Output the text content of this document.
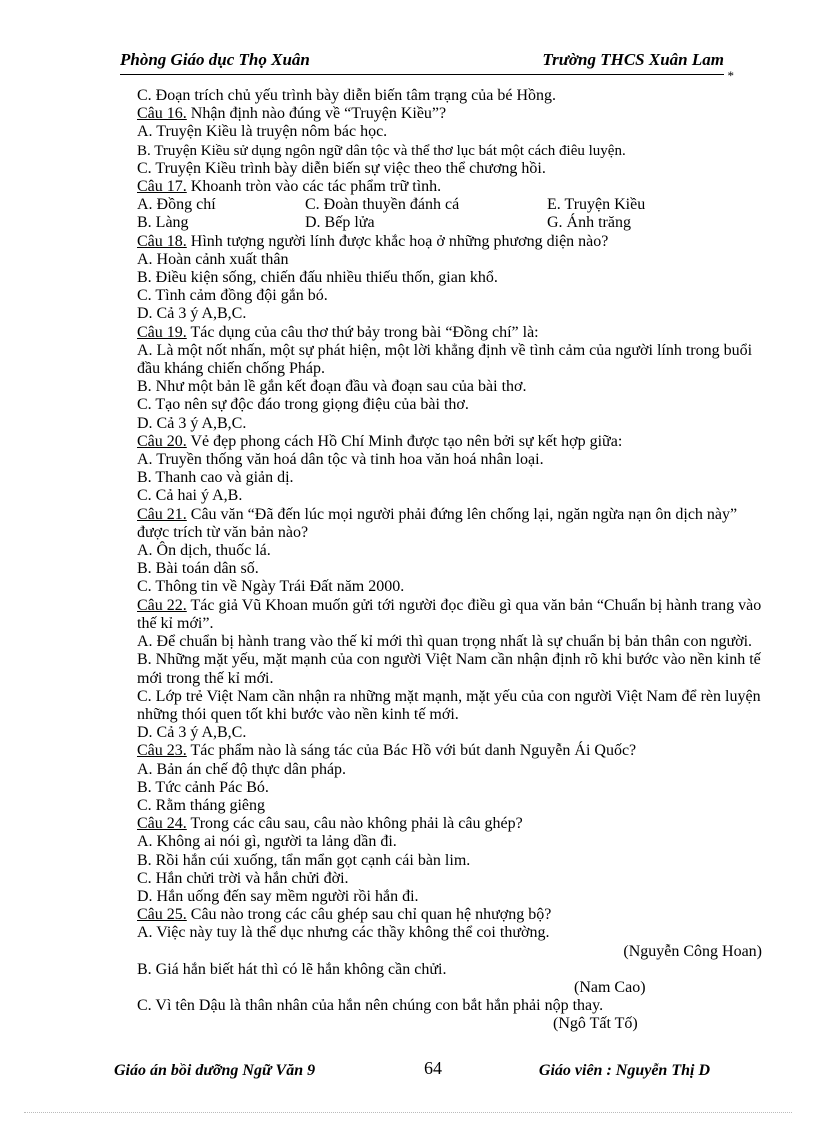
Phòng Giáo dục Thọ Xuân	Trường THCS Xuân Lam
*

C. Đoạn trích chủ yếu trình bày diễn biến tâm trạng của bé Hồng.

Câu 16. Nhận định nào đúng về “Truyện Kiều”?

A. Truyện Kiều là truyện nôm bác học.

B. Truyện Kiều sử dụng ngôn ngữ dân tộc và thể thơ lục bát một cách điêu luyện.

C. Truyện Kiều trình bày diễn biến sự việc theo thể chương hồi.

Câu 17. Khoanh tròn vào các tác phẩm trữ tình.

A. Đồng chí	C. Đoàn thuyền đánh cá	E. Truyện Kiều
B. Làng	D. Bếp lửa	G. Ánh trăng

Câu 18. Hình tượng người lính được khắc hoạ ở những phương diện nào?

A. Hoàn cảnh xuất thân

B. Điều kiện sống, chiến đấu nhiều thiếu thốn, gian khổ.

C. Tình cảm đồng đội gắn bó.

D. Cả 3 ý A,B,C.

Câu 19. Tác dụng của câu thơ thứ bảy trong bài “Đồng chí” là:

A. Là một nốt nhấn, một sự phát hiện, một lời khẳng định về tình cảm của người lính trong buổi đầu kháng chiến chống Pháp.

B. Như một bản lề gắn kết đoạn đầu và đoạn sau của bài thơ.

C. Tạo nên sự độc đáo trong giọng điệu của bài thơ.

D. Cả 3 ý A,B,C.

Câu 20. Vẻ đẹp phong cách Hồ Chí Minh được tạo nên bởi sự kết hợp giữa:

A. Truyền thống văn hoá dân tộc và tinh hoa văn hoá nhân loại.

B. Thanh cao và giản dị.

C. Cả hai ý A,B.

Câu 21. Câu văn “Đã đến lúc mọi người phải đứng lên chống lại, ngăn ngừa nạn ôn dịch này” được trích từ văn bản nào?

A. Ôn dịch, thuốc lá.

B. Bài toán dân số.

C. Thông tin về Ngày Trái Đất năm 2000.

Câu 22. Tác giả Vũ Khoan muốn gửi tới người đọc điều gì qua văn bản “Chuẩn bị hành trang vào thế kỉ mới”.

A. Để chuẩn bị hành trang vào thế kỉ mới thì quan trọng nhất là sự chuẩn bị bản thân con người.

B. Những mặt yếu, mặt mạnh của con người Việt Nam cần nhận định rõ khi bước vào nền kinh tế mới trong thế kỉ mới.

C. Lớp trẻ Việt Nam cần nhận ra những mặt mạnh, mặt yếu của con người Việt Nam để rèn luyện những thói quen tốt khi bước vào nền kinh tế mới.

D. Cả 3 ý A,B,C.

Câu 23. Tác phẩm nào là sáng tác của Bác Hồ với bút danh Nguyễn Ái Quốc?

A. Bản án chế độ thực dân pháp.

B. Tức cảnh Pác Bó.

C. Rằm tháng giêng

Câu 24. Trong các câu sau, câu nào không phải là câu ghép?

A. Không ai nói gì, người ta lảng dần đi.

B. Rồi hắn cúi xuống, tẩn mẩn gọt cạnh cái bàn lim.

C. Hắn chửi trời và hắn chửi đời.

D. Hắn uống đến say mềm người rồi hắn đi.

Câu 25. Câu nào trong các câu ghép sau chỉ quan hệ nhượng bộ?

A. Việc này tuy là thể dục nhưng các thầy không thể coi thường.

(Nguyễn Công Hoan)

B. Giá hắn biết hát thì có lẽ hắn không cần chửi.

(Nam Cao)

C. Vì tên Dậu là thân nhân của hắn nên chúng con bắt hắn phải nộp thay.

(Ngô Tất Tố)

Giáo án bồi dưỡng Ngữ Văn 9	64	Giáo viên : Nguyễn Thị D
